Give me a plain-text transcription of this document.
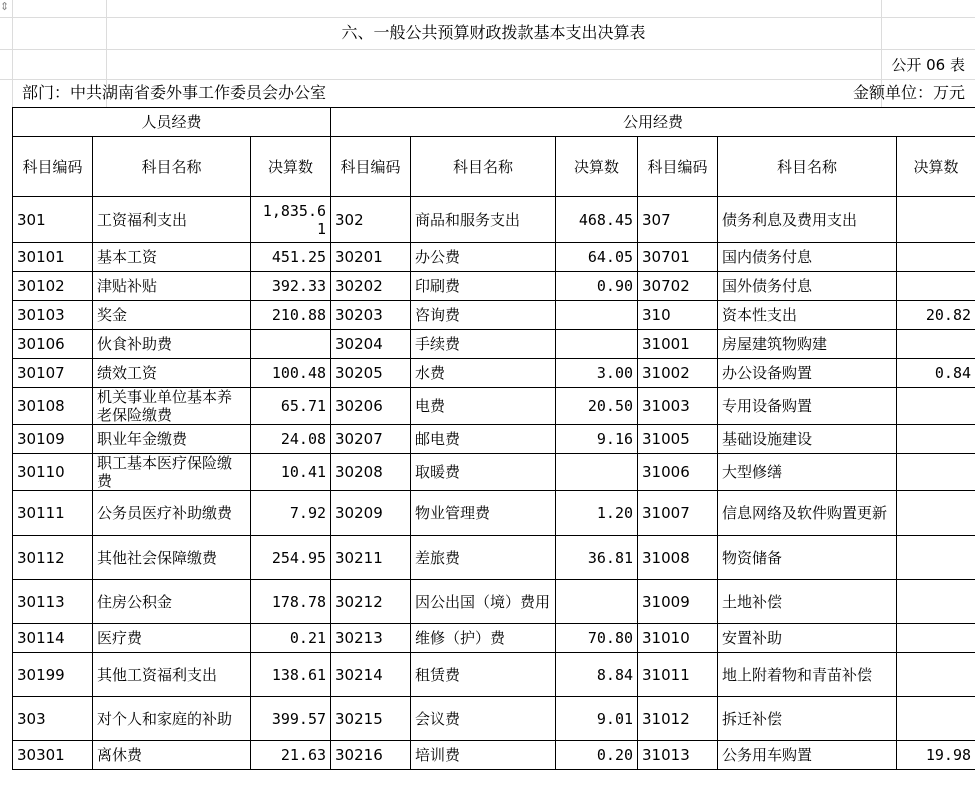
⇕
六、一般公共预算财政拨款基本支出决算表
公开 06 表
部门：中共湖南省委外事工作委员会办公室	金额单位：万元
人员经费			公用经费					
科目编码	科目名称	决算数	科目编码	科目名称	决算数	科目编码	科目名称	决算数
301	工资福利支出	1,835.61	302	商品和服务支出	468.45	307	债务利息及费用支出	
30101	基本工资	451.25	30201	办公费	64.05	30701	国内债务付息	
30102	津贴补贴	392.33	30202	印刷费	0.90	30702	国外债务付息	
30103	奖金	210.88	30203	咨询费		310	资本性支出	20.82
30106	伙食补助费		30204	手续费		31001	房屋建筑物购建	
30107	绩效工资	100.48	30205	水费	3.00	31002	办公设备购置	0.84
30108	机关事业单位基本养老保险缴费	65.71	30206	电费	20.50	31003	专用设备购置	
30109	职业年金缴费	24.08	30207	邮电费	9.16	31005	基础设施建设	
30110	职工基本医疗保险缴费	10.41	30208	取暖费		31006	大型修缮	
30111	公务员医疗补助缴费	7.92	30209	物业管理费	1.20	31007	信息网络及软件购置更新	
30112	其他社会保障缴费	254.95	30211	差旅费	36.81	31008	物资储备	
30113	住房公积金	178.78	30212	因公出国（境）费用		31009	土地补偿	
30114	医疗费	0.21	30213	维修（护）费	70.80	31010	安置补助	
30199	其他工资福利支出	138.61	30214	租赁费	8.84	31011	地上附着物和青苗补偿	
303	对个人和家庭的补助	399.57	30215	会议费	9.01	31012	拆迁补偿	
30301	离休费	21.63	30216	培训费	0.20	31013	公务用车购置	19.98
